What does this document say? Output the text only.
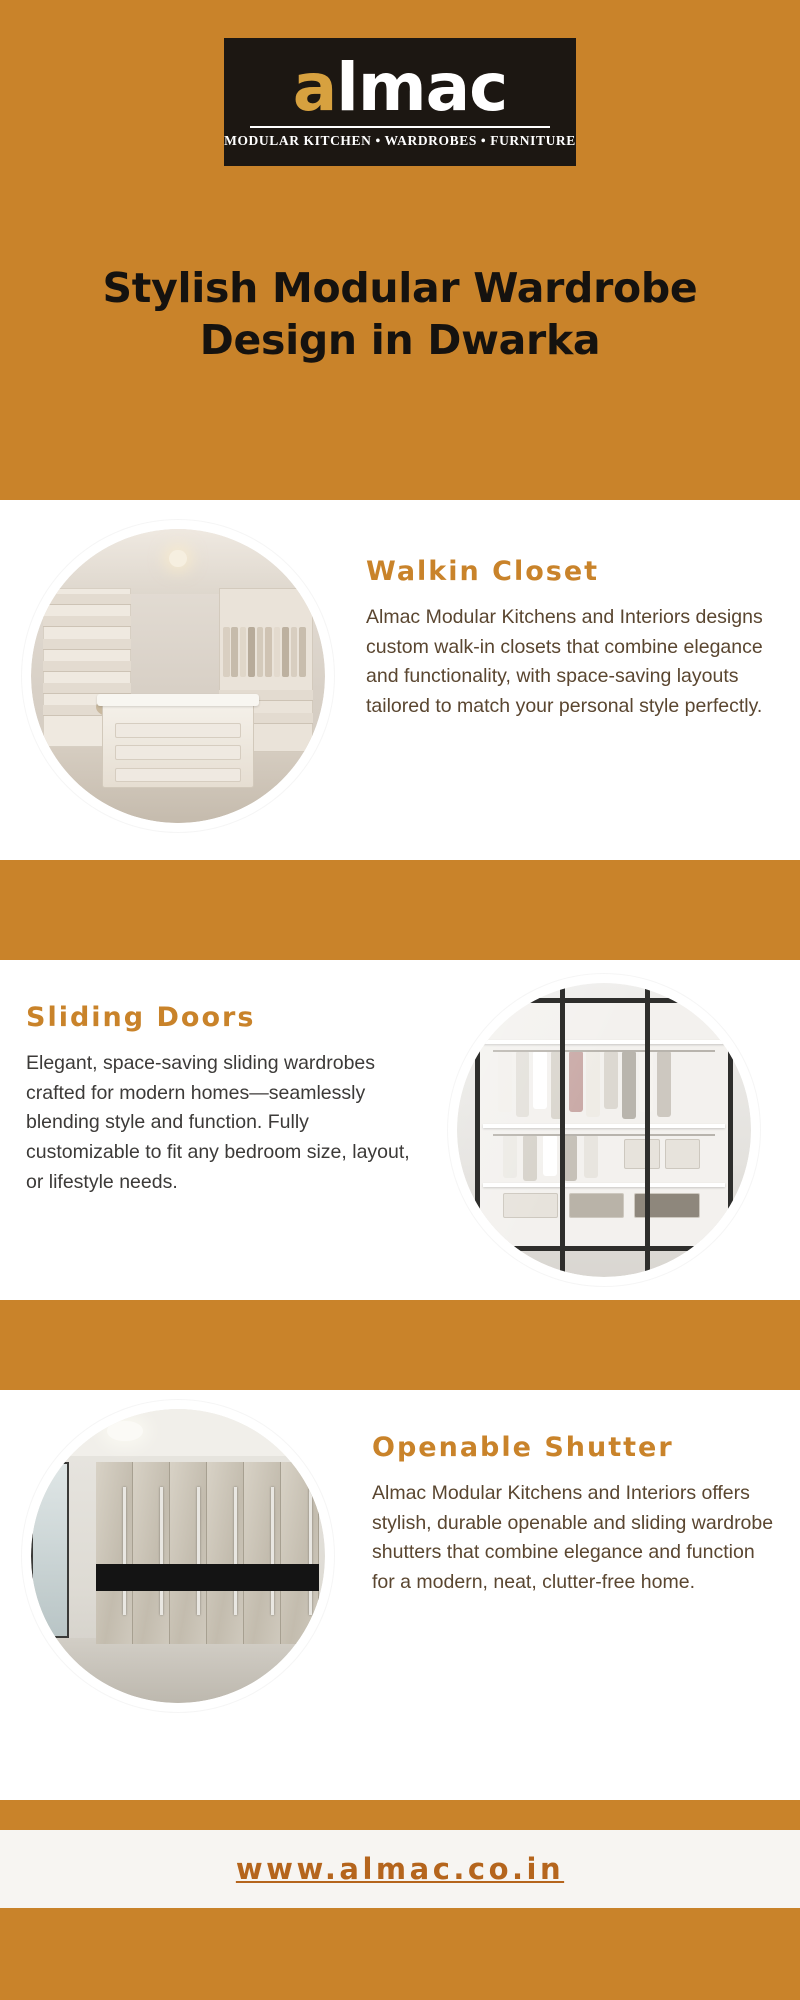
a l mac
MODULAR KITCHEN • WARDROBES • FURNITURE
Stylish Modular Wardrobe Design in Dwarka
Walkin Closet
Almac Modular Kitchens and Interiors designs custom walk-in closets that combine elegance and functionality, with space-saving layouts tailored to match your personal style perfectly.
Sliding Doors
Elegant, space-saving sliding wardrobes crafted for modern homes—seamlessly blending style and function. Fully customizable to fit any bedroom size, layout, or lifestyle needs.
Openable Shutter
Almac Modular Kitchens and Interiors offers stylish, durable openable and sliding wardrobe shutters that combine elegance and function for a modern, neat, clutter-free home.
www.almac.co.in
